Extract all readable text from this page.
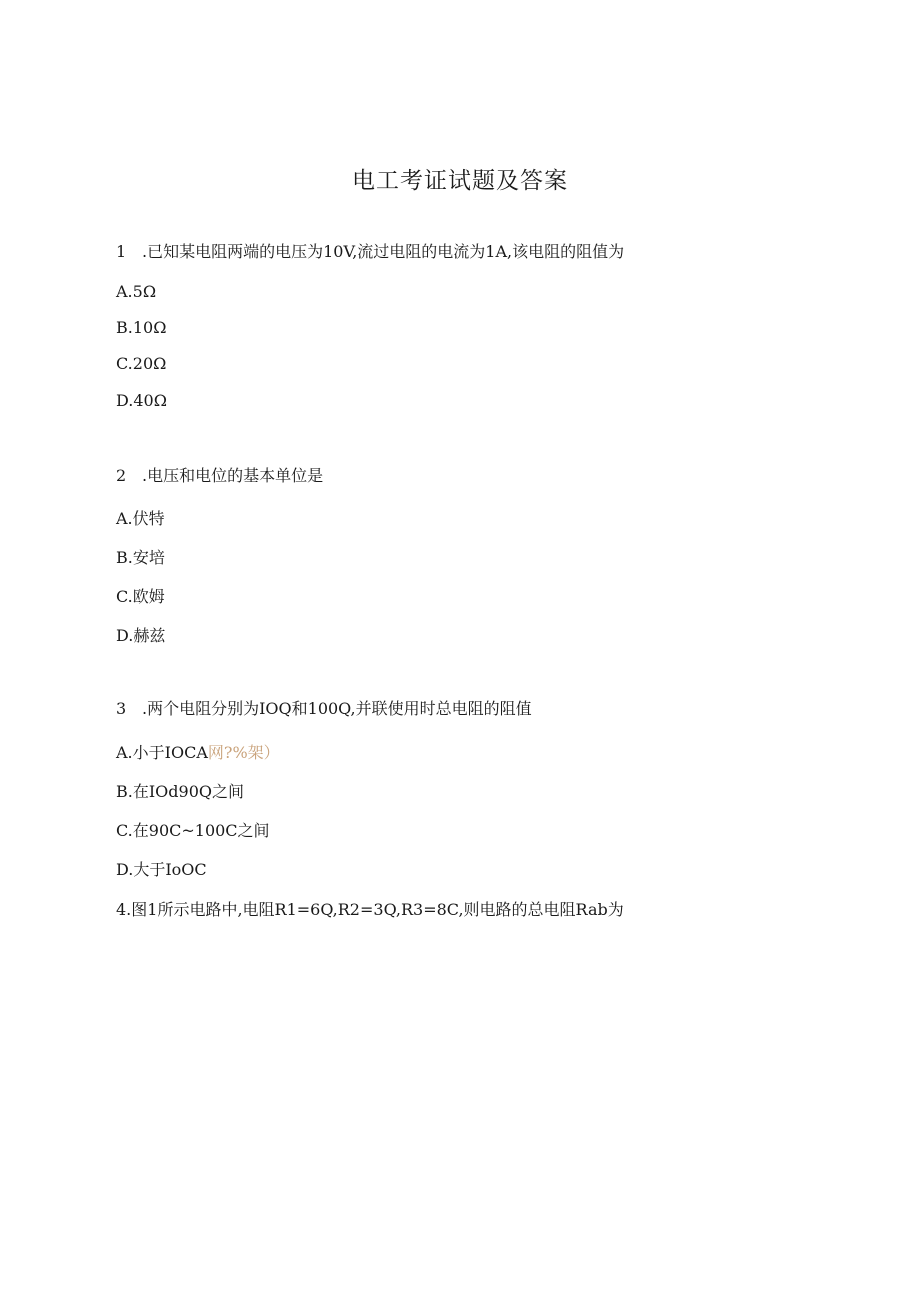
电工考证试题及答案
1 .已知某电阻两端的电压为10V,流过电阻的电流为1A,该电阻的阻值为
A.5Ω
B.10Ω
C.20Ω
D.40Ω
2 .电压和电位的基本单位是
A.伏特
B.安培
C.欧姆
D.赫兹
3 .两个电阻分别为IOQ和100Q,并联使用时总电阻的阻值
A.小于IOCA网?%架）
B.在IOd90Q之间
C.在90C~100C之间
D.大于IoOC
4.图1所示电路中,电阻R1=6Q,R2=3Q,R3=8C,则电路的总电阻Rab为
